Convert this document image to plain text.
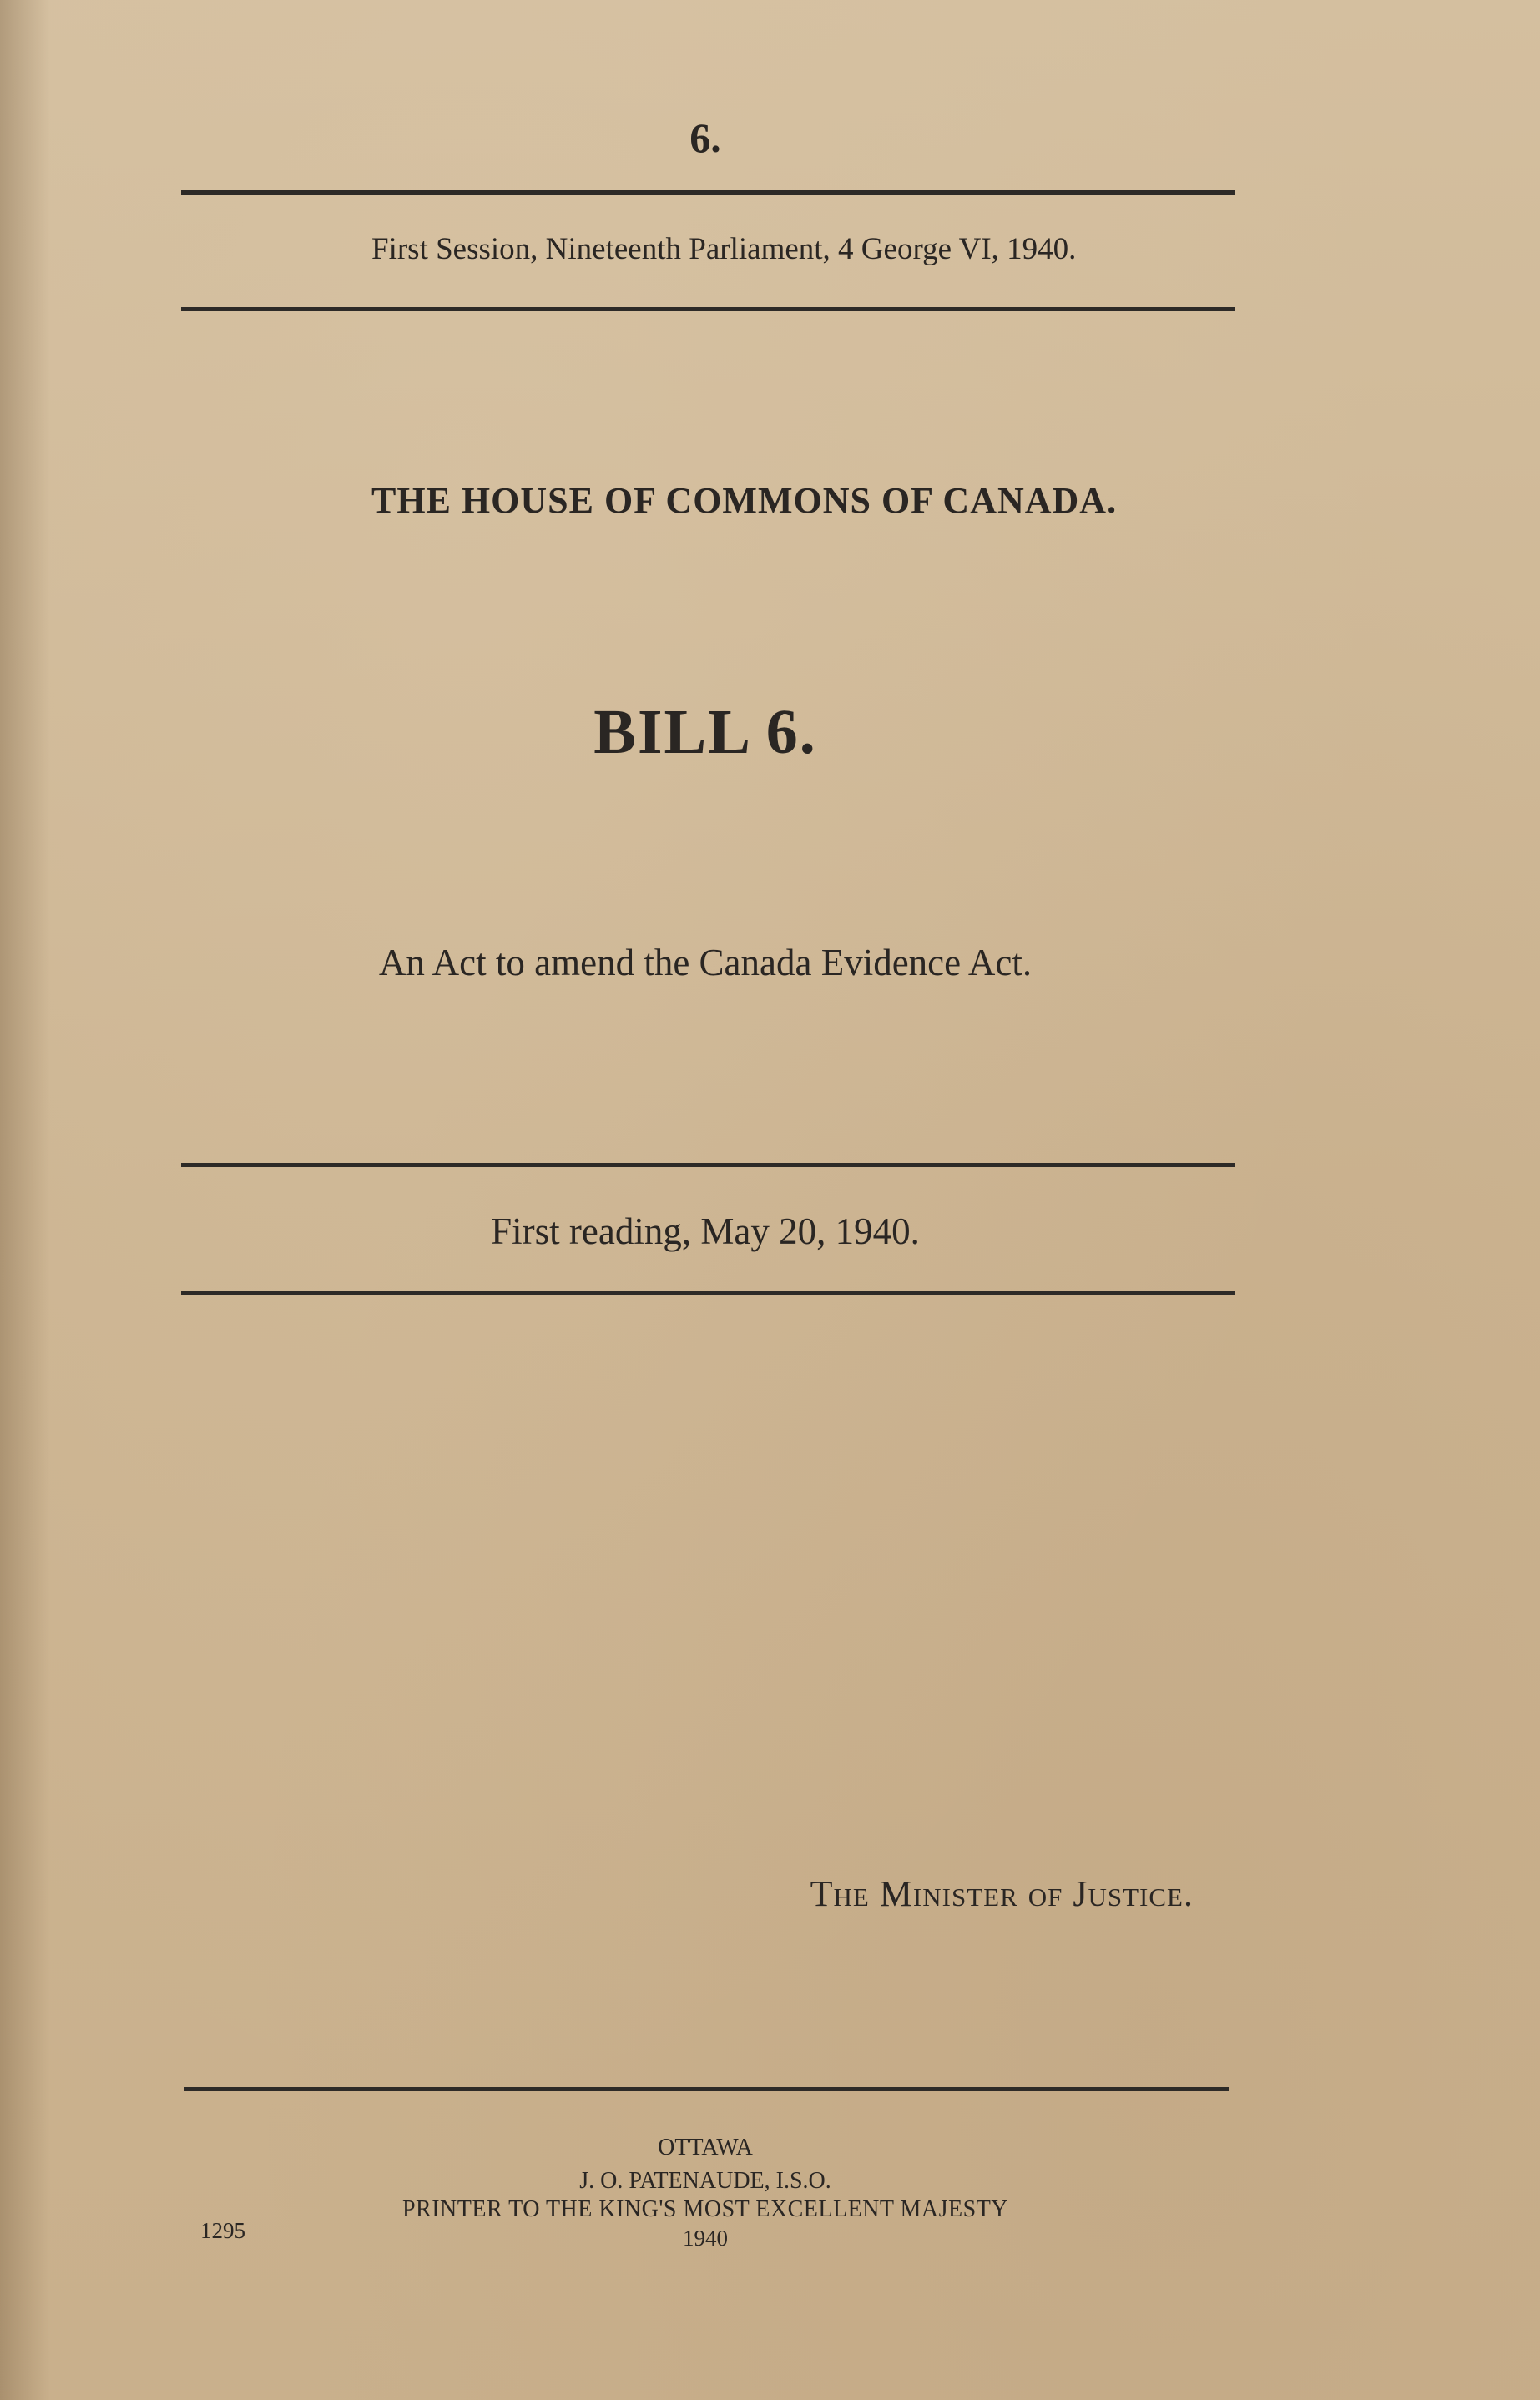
6.
First Session, Nineteenth Parliament, 4 George VI, 1940.
THE HOUSE OF COMMONS OF CANADA.
BILL 6.
An Act to amend the Canada Evidence Act.
First reading, May 20, 1940.
The Minister of Justice.
OTTAWA
J. O. PATENAUDE, I.S.O.
PRINTER TO THE KING'S MOST EXCELLENT MAJESTY
1940
1295
